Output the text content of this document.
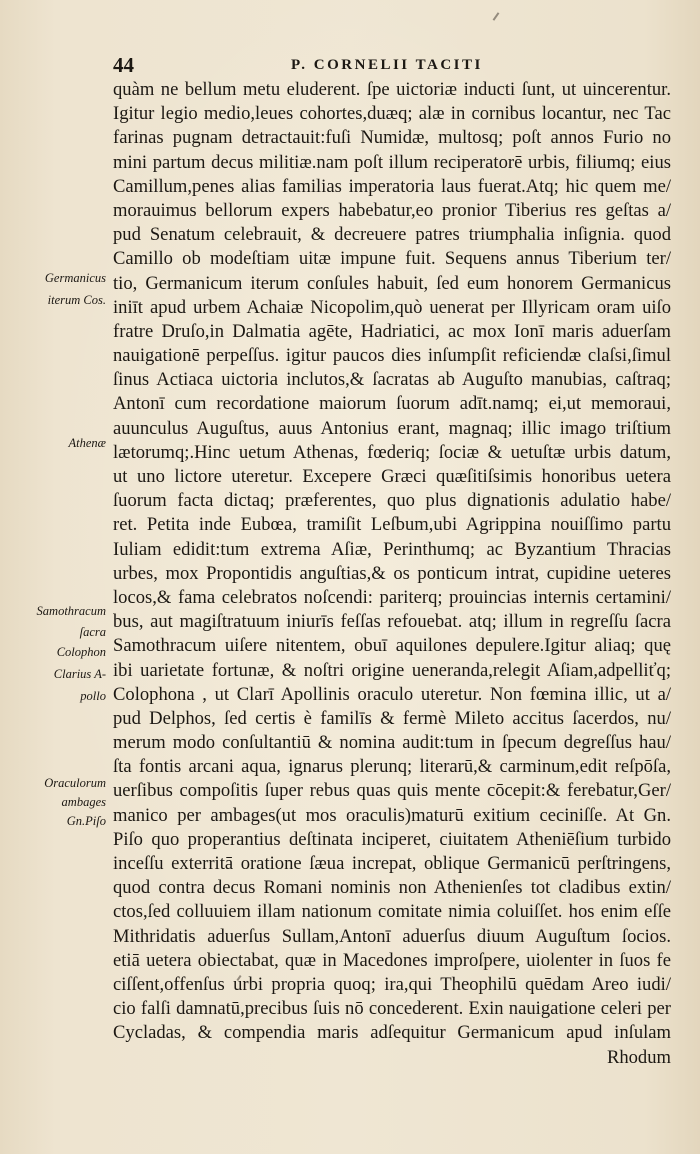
44	P. CORNELII TACITI
Germanicus
iterum Cos.
Athenæ
Samothracum
ſacra
Colophon
Clarius A-
pollo
Oraculorum
ambages
Gn.Piſo
quàm ne bellum metu eluderent. ſpe uictoriæ inducti ſunt, ut uincerentur.
Igitur legio medio,leues cohortes,duæq; alæ in cornibus locantur, nec Tac
farinas pugnam detractauit:fuſi Numidæ, multosq; poſt annos Furio no
mini partum decus militiæ.nam poſt illum reciperatorē urbis, filiumq; eius
Camillum,penes alias familias imperatoria laus fuerat.Atq; hic quem me/
morauimus bellorum expers habebatur,eo pronior Tiberius res geſtas a/
pud Senatum celebrauit, & decreuere patres triumphalia inſignia. quod
Camillo ob modeſtiam uitæ impune fuit. Sequens annus Tiberium ter/
tio, Germanicum iterum conſules habuit, ſed eum honorem Germanicus
iniīt apud urbem Achaiæ Nicopolim,quò uenerat per Illyricam oram uiſo
fratre Druſo,in Dalmatia agēte, Hadriatici, ac mox Ionī maris aduerſam
nauigationē perpeſſus. igitur paucos dies inſumpſit reficiendæ claſsi,ſimul
ſinus Actiaca uictoria inclutos,& ſacratas ab Auguſto manubias, caſtraq;
Antonī cum recordatione maiorum ſuorum adīt.namq; ei,ut memoraui,
auunculus Auguſtus, auus Antonius erant, magnaq; illic imago triſtium
lætorumq;.Hinc uetum Athenas, fœderiq; ſociæ & uetuſtæ urbis datum,
ut uno lictore uteretur. Excepere Græci quæſitiſsimis honoribus uetera
ſuorum facta dictaq; præferentes, quo plus dignationis adulatio habe/
ret. Petita inde Eubœa, tramiſit Leſbum,ubi Agrippina nouiſſimo partu
Iuliam edidit:tum extrema Aſiæ, Perinthumq; ac Byzantium Thracias
urbes, mox Propontidis anguſtias,& os ponticum intrat, cupidine ueteres
locos,& fama celebratos noſcendi: pariterq; prouincias internis certamini/
bus, aut magiſtratuum iniurīs feſſas refouebat. atq; illum in regreſſu ſacra
Samothracum uiſere nitentem, obuī aquilones depulere.Igitur aliaq; quę
ibi uarietate fortunæ, & noſtri origine ueneranda,relegit Aſiam,adpelliťq;
Colophona , ut Clarī Apollinis oraculo uteretur. Non fœmina illic, ut a/
pud Delphos, ſed certis è familīs & fermè Mileto accitus ſacerdos, nu/
merum modo conſultantiū & nomina audit:tum in ſpecum degreſſus hau/
ſta fontis arcani aqua, ignarus plerunq; literarū,& carminum,edit reſpōſa,
uerſibus compoſitis ſuper rebus quas quis mente cōcepit:& ferebatur,Ger/
manico per ambages(ut mos oraculis)maturū exitium ceciniſſe. At Gn.
Piſo quo properantius deſtinata inciperet, ciuitatem Atheniēſium turbido
inceſſu exterritā oratione ſæua increpat, oblique Germanicū perſtringens,
quod contra decus Romani nominis non Athenienſes tot cladibus extin/
ctos,ſed colluuiem illam nationum comitate nimia coluiſſet. hos enim eſſe
Mithridatis aduerſus Sullam,Antonī aduerſus diuum Auguſtum ſocios.
etiā uetera obiectabat, quæ in Macedones improſpere, uiolenter in ſuos fe
ciſſent,offenſus urbi propria quoq; ira,qui Theophilū quēdam Areo iudi/
cio falſi damnatū,precibus ſuis nō concederent. Exin nauigatione celeri per
Cycladas, & compendia maris adſequitur Germanicum apud inſulam
Rhodum
